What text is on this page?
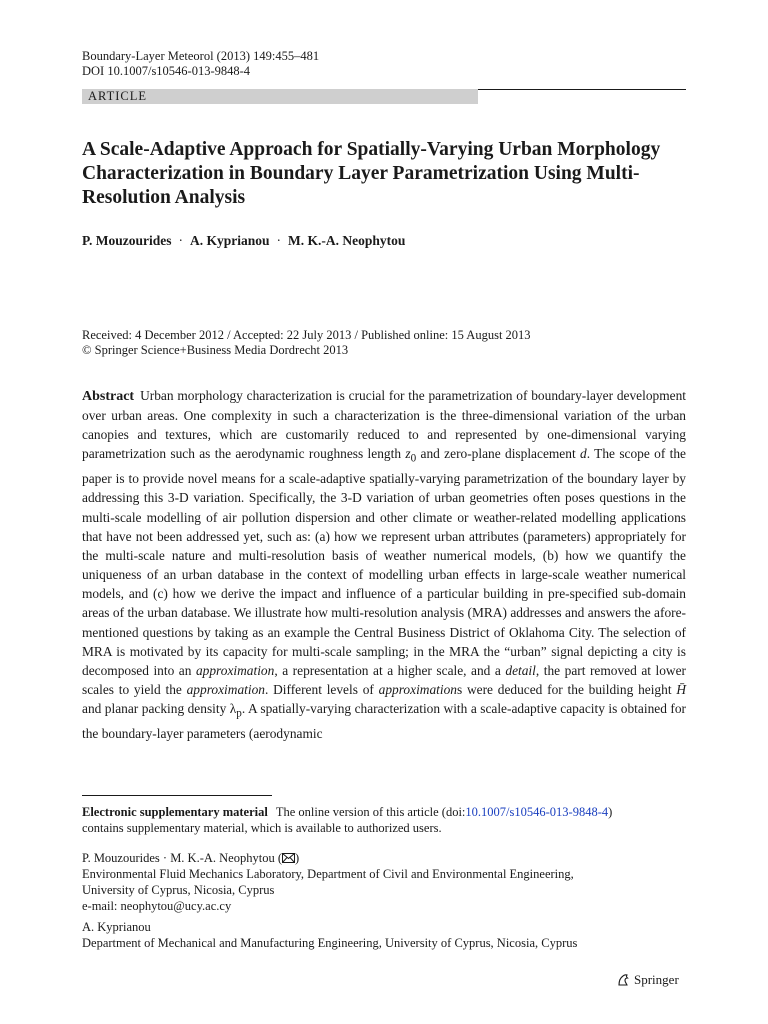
Boundary-Layer Meteorol (2013) 149:455–481
DOI 10.1007/s10546-013-9848-4
ARTICLE
A Scale-Adaptive Approach for Spatially-Varying Urban Morphology Characterization in Boundary Layer Parametrization Using Multi-Resolution Analysis
P. Mouzourides · A. Kyprianou · M. K.-A. Neophytou
Received: 4 December 2012 / Accepted: 22 July 2013 / Published online: 15 August 2013
© Springer Science+Business Media Dordrecht 2013

Abstract Urban morphology characterization is crucial for the parametrization of boundary-layer development over urban areas. One complexity in such a characterization is the three-dimensional variation of the urban canopies and textures, which are customarily reduced to and represented by one-dimensional varying parametrization such as the aerodynamic roughness length $z_0$ and zero-plane displacement d. The scope of the paper is to provide novel means for a scale-adaptive spatially-varying parametrization of the boundary layer by addressing this 3-D variation. Specifically, the 3-D variation of urban geometries often poses questions in the multi-scale modelling of air pollution dispersion and other climate or weather-related modelling applications that have not been addressed yet, such as: (a) how we represent urban attributes (parameters) appropriately for the multi-scale nature and multi-resolution basis of weather numerical models, (b) how we quantify the uniqueness of an urban database in the context of modelling urban effects in large-scale weather numerical models, and (c) how we derive the impact and influence of a particular building in pre-specified sub-domain areas of the urban database. We illustrate how multi-resolution analysis (MRA) addresses and answers the afore-mentioned questions by taking as an example the Central Business District of Oklahoma City. The selection of MRA is motivated by its capacity for multi-scale sampling; in the MRA the “urban” signal depicting a city is decomposed into an approximation, a representation at a higher scale, and a detail, the part removed at lower scales to yield the approximation. Different levels of approximations were deduced for the building height H̄ and planar packing density $\lambda_p$. A spatially-varying characterization with a scale-adaptive capacity is obtained for the boundary-layer parameters (aerodynamic

Electronic supplementary material The online version of this article (doi:10.1007/s10546-013-9848-4)
contains supplementary material, which is available to authorized users.
P. Mouzourides · M. K.-A. Neophytou ( )
Environmental Fluid Mechanics Laboratory, Department of Civil and Environmental Engineering,
University of Cyprus, Nicosia, Cyprus
e-mail: neophytou@ucy.ac.cy
A. Kyprianou
Department of Mechanical and Manufacturing Engineering, University of Cyprus, Nicosia, Cyprus
Springer
